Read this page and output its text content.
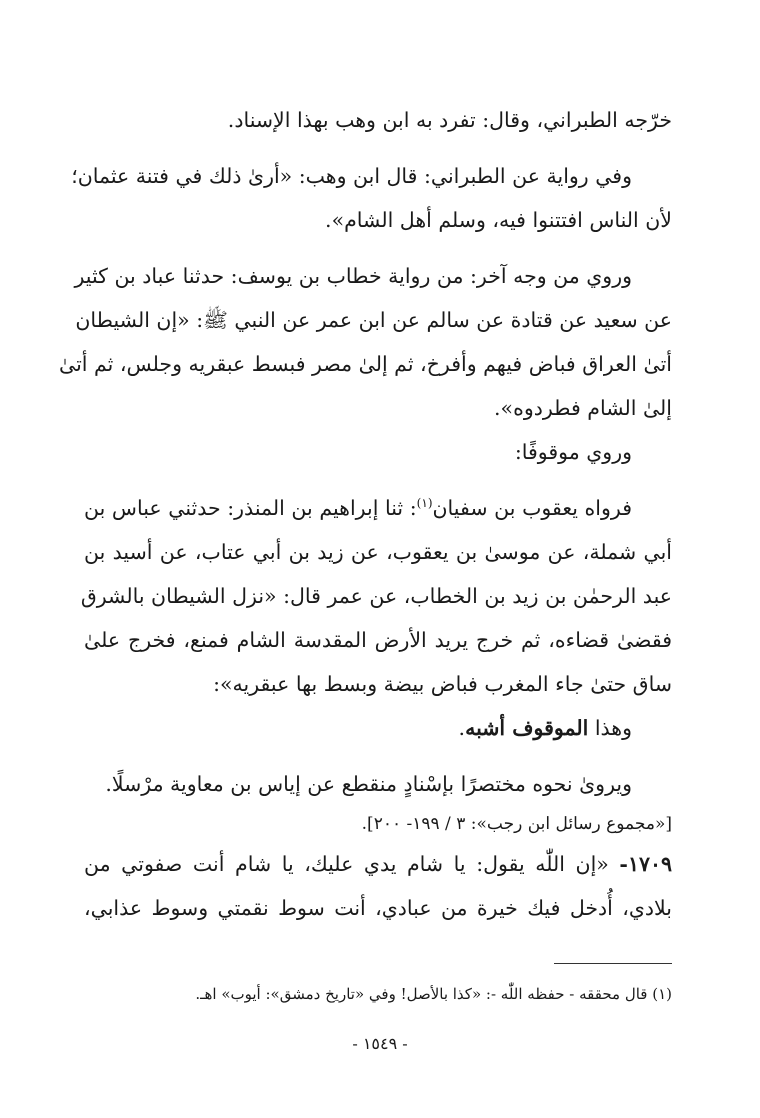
خرّجه الطبراني، وقال: تفرد به ابن وهب بهذا الإسناد.
وفي رواية عن الطبراني: قال ابن وهب: «أرىٰ ذلك في فتنة عثمان؛
لأن الناس افتتنوا فيه، وسلم أهل الشام».
وروي من وجه آخر: من رواية خطاب بن يوسف: حدثنا عباد بن كثير
عن سعيد عن قتادة عن سالم عن ابن عمر عن النبي ﷺ: «إن الشيطان
أتىٰ العراق فباض فيهم وأفرخ، ثم إلىٰ مصر فبسط عبقريه وجلس، ثم أتىٰ
إلىٰ الشام فطردوه».
وروي موقوفًا:
فرواه يعقوب بن سفيان$^{(١)}$: ثنا إبراهيم بن المنذر: حدثني عباس بن
أبي شملة، عن موسىٰ بن يعقوب، عن زيد بن أبي عتاب، عن أسيد بن
عبد الرحمٰن بن زيد بن الخطاب، عن عمر قال: «نزل الشيطان بالشرق
فقضىٰ قضاءه، ثم خرج يريد الأرض المقدسة الشام فمنع، فخرج علىٰ
ساق حتىٰ جاء المغرب فباض بيضة وبسط بها عبقريه»:
وهذا الموقوف أشبه.
ويروىٰ نحوه مختصرًا بإسْنادٍ منقطع عن إياس بن معاوية مرْسلًا.
[«مجموع رسائل ابن رجب»: ٣ / ١٩٩- ٢٠٠].
١٧٠٩- «إن اللّٰه يقول: يا شام يدي عليك، يا شام أنت صفوتي من
بلادي، أُدخل فيك خيرة من عبادي، أنت سوط نقمتي وسوط عذابي،
(١) قال محققه - حفظه اللّٰه -: «كذا بالأصل! وفي «تاريخ دمشق»: أيوب» اهـ.
- ١٥٤٩ -
